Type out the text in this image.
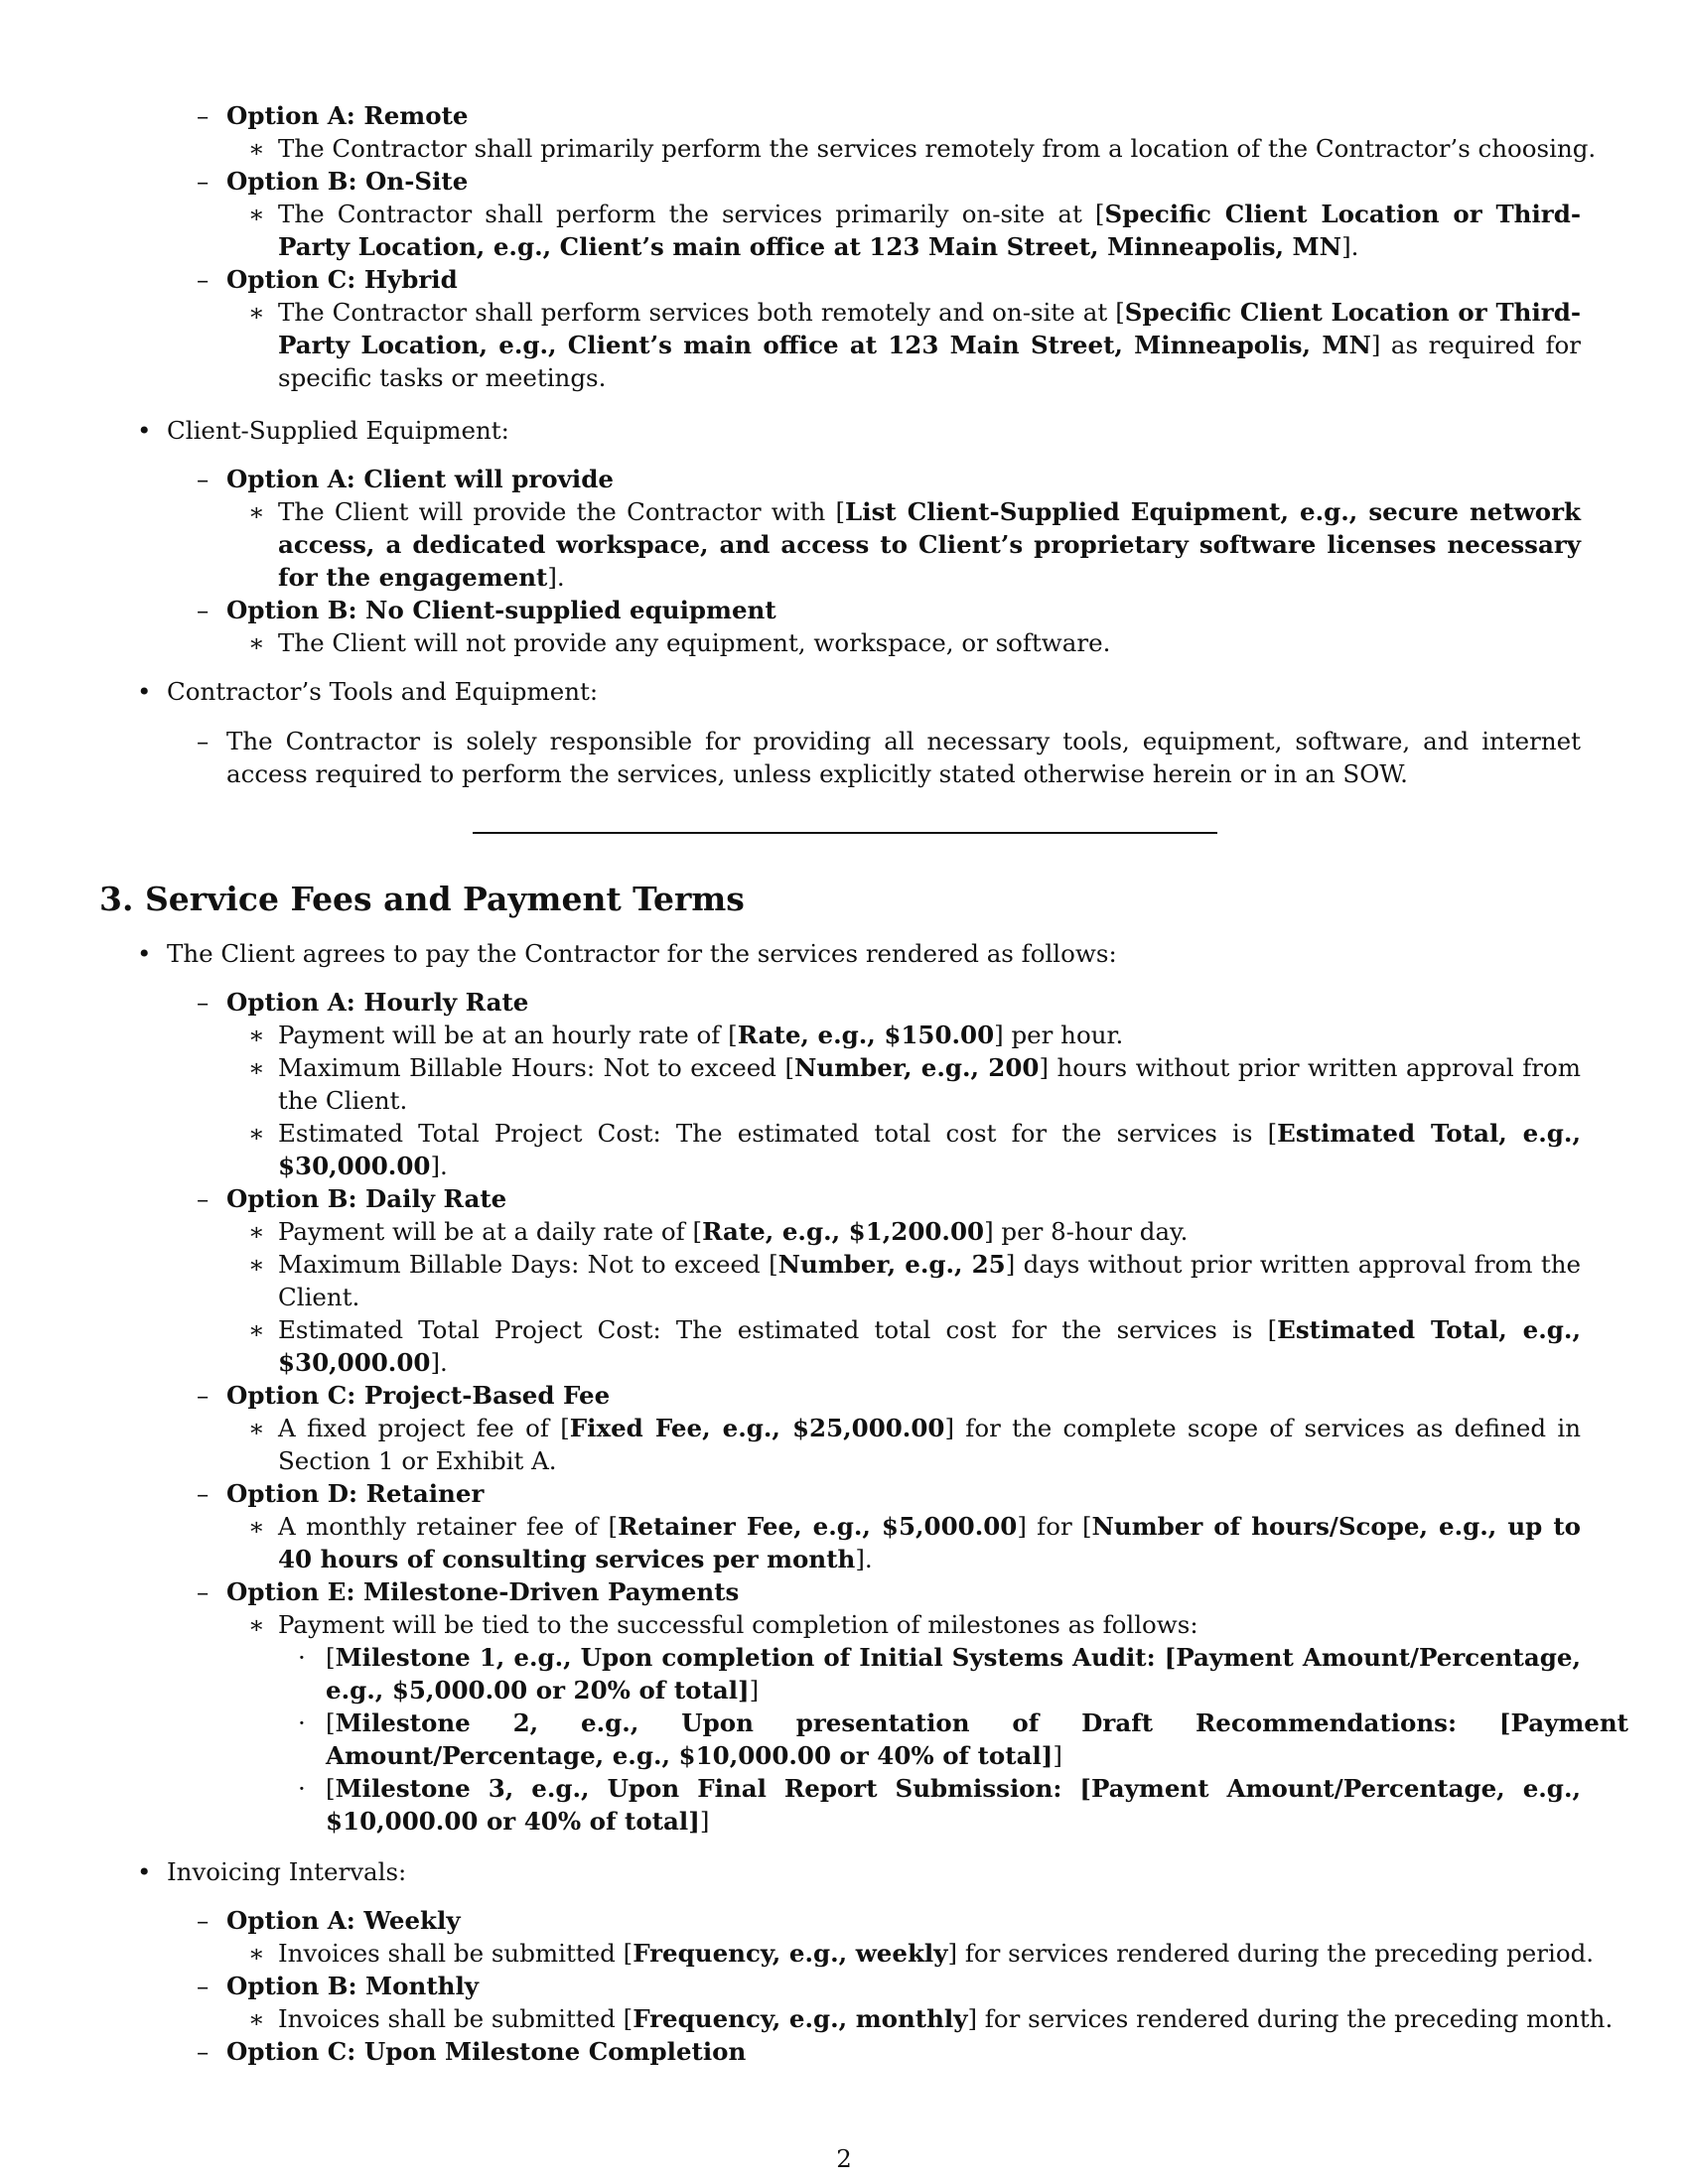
– Option A: Remote
∗ The Contractor shall primarily perform the services remotely from a location of the Contractor’s choosing.
– Option B: On-Site
∗ The Contractor shall perform the services primarily on-site at [Specific Client Location or Third-Party Location, e.g., Client’s main office at 123 Main Street, Minneapolis, MN].
– Option C: Hybrid
∗ The Contractor shall perform services both remotely and on-site at [Specific Client Location or Third-Party Location, e.g., Client’s main office at 123 Main Street, Minneapolis, MN] as required for specific tasks or meetings.
• Client-Supplied Equipment:
– Option A: Client will provide
∗ The Client will provide the Contractor with [List Client-Supplied Equipment, e.g., secure network access, a dedicated workspace, and access to Client’s proprietary software licenses necessary for the engagement].
– Option B: No Client-supplied equipment
∗ The Client will not provide any equipment, workspace, or software.
• Contractor’s Tools and Equipment:
– The Contractor is solely responsible for providing all necessary tools, equipment, software, and internet access required to perform the services, unless explicitly stated otherwise herein or in an SOW.
3. Service Fees and Payment Terms
• The Client agrees to pay the Contractor for the services rendered as follows:
– Option A: Hourly Rate
∗ Payment will be at an hourly rate of [Rate, e.g., $150.00] per hour.
∗ Maximum Billable Hours: Not to exceed [Number, e.g., 200] hours without prior written approval from the Client.
∗ Estimated Total Project Cost: The estimated total cost for the services is [Estimated Total, e.g., $30,000.00].
– Option B: Daily Rate
∗ Payment will be at a daily rate of [Rate, e.g., $1,200.00] per 8-hour day.
∗ Maximum Billable Days: Not to exceed [Number, e.g., 25] days without prior written approval from the Client.
∗ Estimated Total Project Cost: The estimated total cost for the services is [Estimated Total, e.g., $30,000.00].
– Option C: Project-Based Fee
∗ A fixed project fee of [Fixed Fee, e.g., $25,000.00] for the complete scope of services as defined in Section 1 or Exhibit A.
– Option D: Retainer
∗ A monthly retainer fee of [Retainer Fee, e.g., $5,000.00] for [Number of hours/Scope, e.g., up to 40 hours of consulting services per month].
– Option E: Milestone-Driven Payments
∗ Payment will be tied to the successful completion of milestones as follows:
· [Milestone 1, e.g., Upon completion of Initial Systems Audit: [Payment Amount/Percentage, e.g., $5,000.00 or 20% of total]]
· [Milestone 2, e.g., Upon presentation of Draft Recommendations: [Payment Amount/Percentage, e.g., $10,000.00 or 40% of total]]
· [Milestone 3, e.g., Upon Final Report Submission: [Payment Amount/Percentage, e.g., $10,000.00 or 40% of total]]
• Invoicing Intervals:
– Option A: Weekly
∗ Invoices shall be submitted [Frequency, e.g., weekly] for services rendered during the preceding period.
– Option B: Monthly
∗ Invoices shall be submitted [Frequency, e.g., monthly] for services rendered during the preceding month.
– Option C: Upon Milestone Completion
2
